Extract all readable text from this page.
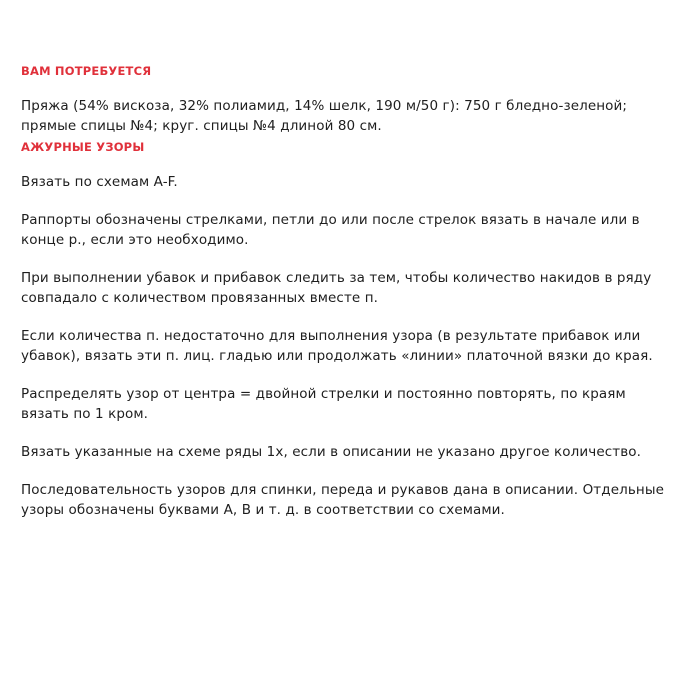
ВАМ ПОТРЕБУЕТСЯ
Пряжа (54% вискоза, 32% полиамид, 14% шелк, 190 м/50 г): 750 г бледно-зеленой; прямые спицы №4; круг. спицы №4 длиной 80 см.
АЖУРНЫЕ УЗОРЫ
Вязать по схемам A-F.
Раппорты обозначены стрелками, петли до или после стрелок вязать в начале или в конце р., если это необходимо.
При выполнении убавок и прибавок следить за тем, чтобы количество накидов в ряду совпадало с количеством провязанных вместе п.
Если количества п. недостаточно для выполнения узора (в результате прибавок или убавок), вязать эти п. лиц. гладью или продолжать «линии» платочной вязки до края.
Распределять узор от центра = двойной стрелки и постоянно повторять, по краям вязать по 1 кром.
Вязать указанные на схеме ряды 1х, если в описании не указано другое количество.
Последовательность узоров для спинки, переда и рукавов дана в описании. Отдельные узоры обозначены буквами А, В и т. д. в соответствии со схемами.
